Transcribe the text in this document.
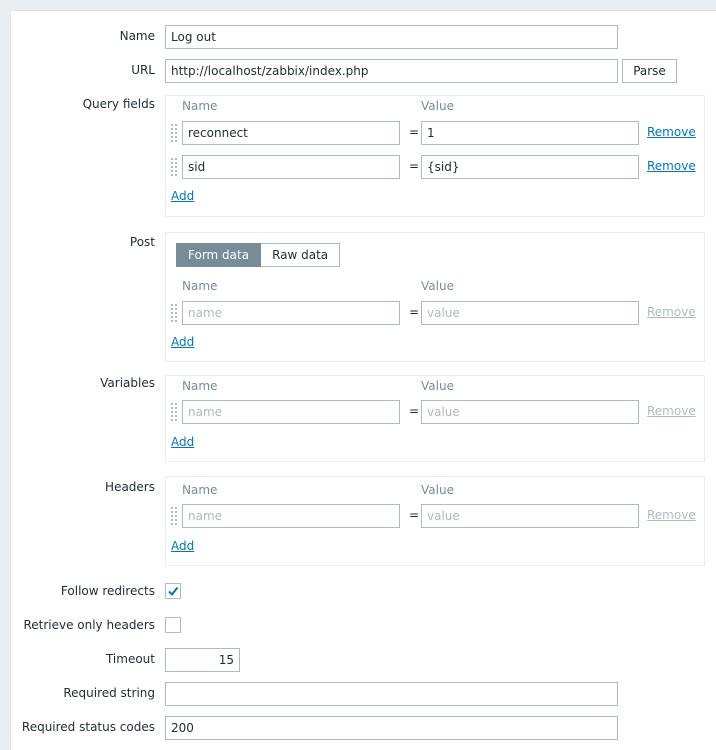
Name	Log out
URL	http://localhost/zabbix/index.php	Parse
Query fields Name	Value
reconnect	= 1	Remove
sid	= {sid}	Remove
Add
Post
Form data	Raw data
Name	Value
name	= value	Remove
Add
Variables Name	Value
name	= value	Remove
Add
Headers Name	Value
name	= value	Remove
Add
Follow redirects
Retrieve only headers
Timeout	15
Required string
Required status codes	200
